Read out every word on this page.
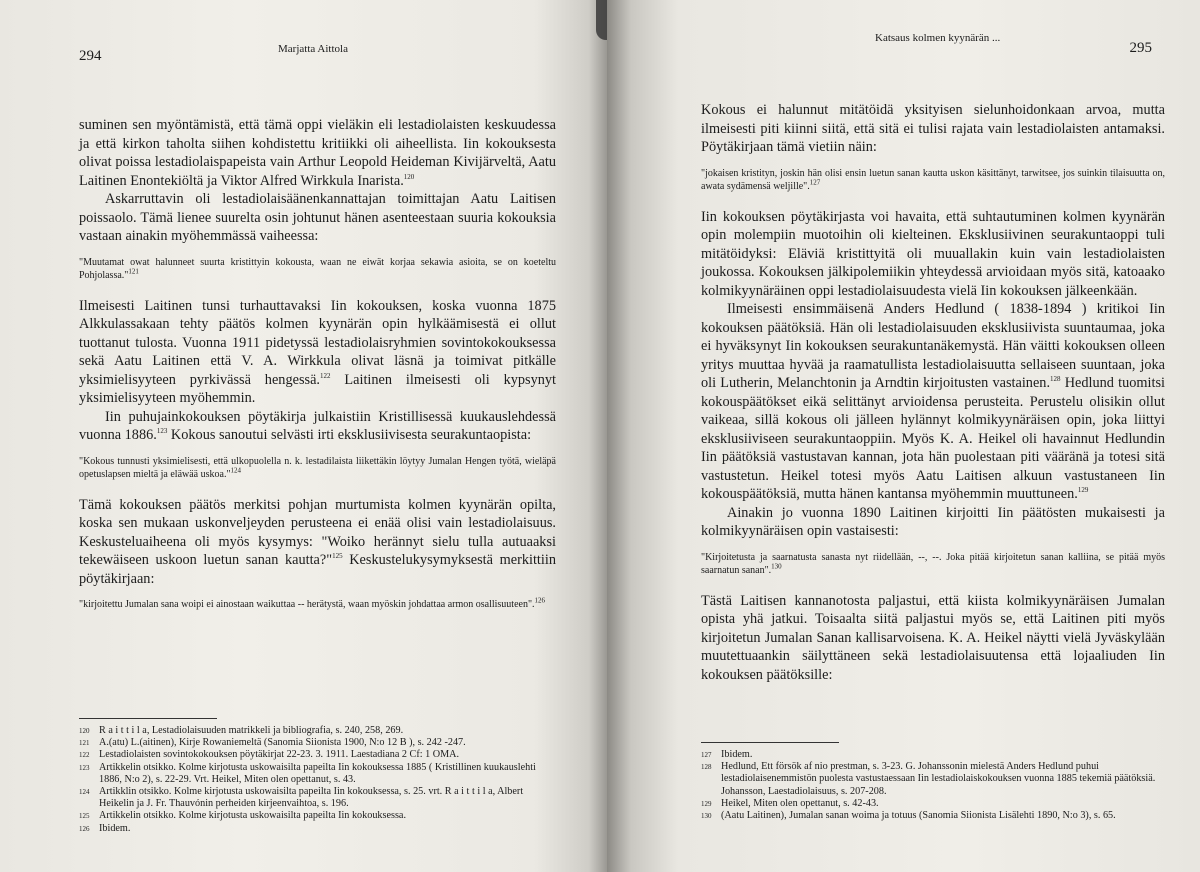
294	Marjatta Aittola

suminen sen myöntämistä, että tämä oppi vieläkin eli lestadiolaisten keskuudessa ja että kirkon taholta siihen kohdistettu kritiikki oli aiheellista. Iin kokouksesta olivat poissa lestadiolaispapeista vain Arthur Leopold Heideman Kivijärveltä, Aatu Laitinen Enontekiöltä ja Viktor Alfred Wirkkula Inarista.$^{120}$

Askarruttavin oli lestadiolaisäänenkannattajan toimittajan Aatu Laitisen poissaolo. Tämä lienee suurelta osin johtunut hänen asenteestaan suuria kokouksia vastaan ainakin myöhemmässä vaiheessa:

"Muutamat owat halunneet suurta kristittyin kokousta, waan ne eiwät korjaa sekawia asioita, se on koeteltu Pohjolassa."$^{121}$

Ilmeisesti Laitinen tunsi turhauttavaksi Iin kokouksen, koska vuonna 1875 Alkkulassakaan tehty päätös kolmen kyynärän opin hylkäämisestä ei ollut tuottanut tulosta. Vuonna 1911 pidetyssä lestadiolaisryhmien sovintokokouksessa sekä Aatu Laitinen että V. A. Wirkkula olivat läsnä ja toimivat pitkälle yksimielisyyteen pyrkivässä hengessä.$^{122}$ Laitinen ilmeisesti oli kypsynyt yksimielisyyteen myöhemmin.

Iin puhujainkokouksen pöytäkirja julkaistiin Kristillisessä kuukauslehdessä vuonna 1886.$^{123}$ Kokous sanoutui selvästi irti eksklusiivisesta seurakuntaopista:

"Kokous tunnusti yksimielisesti, että ulkopuolella n. k. lestadilaista liikettäkin löytyy Jumalan Hengen työtä, wieläpä opetuslapsen mieltä ja eläwää uskoa."$^{124}$

Tämä kokouksen päätös merkitsi pohjan murtumista kolmen kyynärän opilta, koska sen mukaan uskonveljeyden perusteena ei enää olisi vain lestadiolaisuus. Keskusteluaiheena oli myös kysymys: "Woiko herännyt sielu tulla autuaaksi tekewäiseen uskoon luetun sanan kautta?"$^{125}$ Keskustelukysymyksestä merkittiin pöytäkirjaan:

"kirjoitettu Jumalan sana woipi ei ainostaan waikuttaa -- herätystä, waan myöskin johdattaa armon osallisuuteen".$^{126}$

120 R a i t t i l a, Lestadiolaisuuden matrikkeli ja bibliografia, s. 240, 258, 269.
121 A.(atu) L.(aitinen), Kirje Rowaniemeltä (Sanomia Siionista 1900, N:o 12 B ), s. 242 -247.
122 Lestadiolaisten sovintokokouksen pöytäkirjat 22-23. 3. 1911. Laestadiana 2 Cf: 1 OMA.
123 Artikkelin otsikko. Kolme kirjotusta uskowaisilta papeilta Iin kokouksessa 1885 ( Kristillinen kuukauslehti 1886, N:o 2), s. 22-29. Vrt. Heikel, Miten olen opettanut, s. 43.
124 Artikklin otsikko. Kolme kirjotusta uskowaisilta papeilta Iin kokouksessa, s. 25. vrt. R a i t t i l a, Albert Heikelin ja J. Fr. Thauvónin perheiden kirjeenvaihtoa, s. 196.
125 Artikkelin otsikko. Kolme kirjotusta uskowaisilta papeilta Iin kokouksessa.
126 Ibidem.
Katsaus kolmen kyynärän ...
295

Kokous ei halunnut mitätöidä yksityisen sielunhoidonkaan arvoa, mutta ilmeisesti piti kiinni siitä, että sitä ei tulisi rajata vain lestadiolaisten antamaksi. Pöytäkirjaan tämä vietiin näin:

"jokaisen kristityn, joskin hän olisi ensin luetun sanan kautta uskon käsittänyt, tarwitsee, jos suinkin tilaisuutta on, awata sydämensä weljille".$^{127}$

Iin kokouksen pöytäkirjasta voi havaita, että suhtautuminen kolmen kyynärän opin molempiin muotoihin oli kielteinen. Eksklusiivinen seurakuntaoppi tuli mitätöidyksi: Eläviä kristittyitä oli muuallakin kuin vain lestadiolaisten joukossa. Kokouksen jälkipolemiikin yhteydessä arvioidaan myös sitä, katoaako kolmikyynäräinen oppi lestadiolaisuudesta vielä Iin kokouksen jälkeenkään.

Ilmeisesti ensimmäisenä Anders Hedlund ( 1838-1894 ) kritikoi Iin kokouksen päätöksiä. Hän oli lestadiolaisuuden eksklusiivista suuntaumaa, joka ei hyväksynyt Iin kokouksen seurakuntanäkemystä. Hän väitti kokouksen olleen yritys muuttaa hyvää ja raamatullista lestadiolaisuutta sellaiseen suuntaan, joka oli Lutherin, Melanchtonin ja Arndtin kirjoitusten vastainen.$^{128}$ Hedlund tuomitsi kokouspäätökset eikä selittänyt arvioidensa perusteita. Perustelu olisikin ollut vaikeaa, sillä kokous oli jälleen hylännyt kolmikyynäräisen opin, joka liittyi eksklusiiviseen seurakuntaoppiin. Myös K. A. Heikel oli havainnut Hedlundin Iin päätöksiä vastustavan kannan, jota hän puolestaan piti vääränä ja totesi sitä vastustetun. Heikel totesi myös Aatu Laitisen alkuun vastustaneen Iin kokouspäätöksiä, mutta hänen kantansa myöhemmin muuttuneen.$^{129}$

Ainakin jo vuonna 1890 Laitinen kirjoitti Iin päätösten mukaisesti ja kolmikyynäräisen opin vastaisesti:

"Kirjoitetusta ja saarnatusta sanasta nyt riidellään, --, --. Joka pitää kirjoitetun sanan kalliina, se pitää myös saarnatun sanan".$^{130}$

Tästä Laitisen kannanotosta paljastui, että kiista kolmikyynäräisen Jumalan opista yhä jatkui. Toisaalta siitä paljastui myös se, että Laitinen piti myös kirjoitetun Jumalan Sanan kallisarvoisena. K. A. Heikel näytti vielä Jyväskylään muutettuaankin säilyttäneen sekä lestadiolaisuutensa että lojaaliuden Iin kokouksen päätöksille:

127 Ibidem.
128 Hedlund, Ett försök af nio prestman, s. 3-23. G. Johanssonin mielestä Anders Hedlund puhui lestadiolaisenemmistön puolesta vastustaessaan Iin lestadiolaiskokouksen vuonna 1885 tekemiä päätöksiä. Johansson, Laestadiolaisuus, s. 207-208.
129 Heikel, Miten olen opettanut, s. 42-43.
130 (Aatu Laitinen), Jumalan sanan woima ja totuus (Sanomia Siionista Lisälehti 1890, N:o 3), s. 65.
